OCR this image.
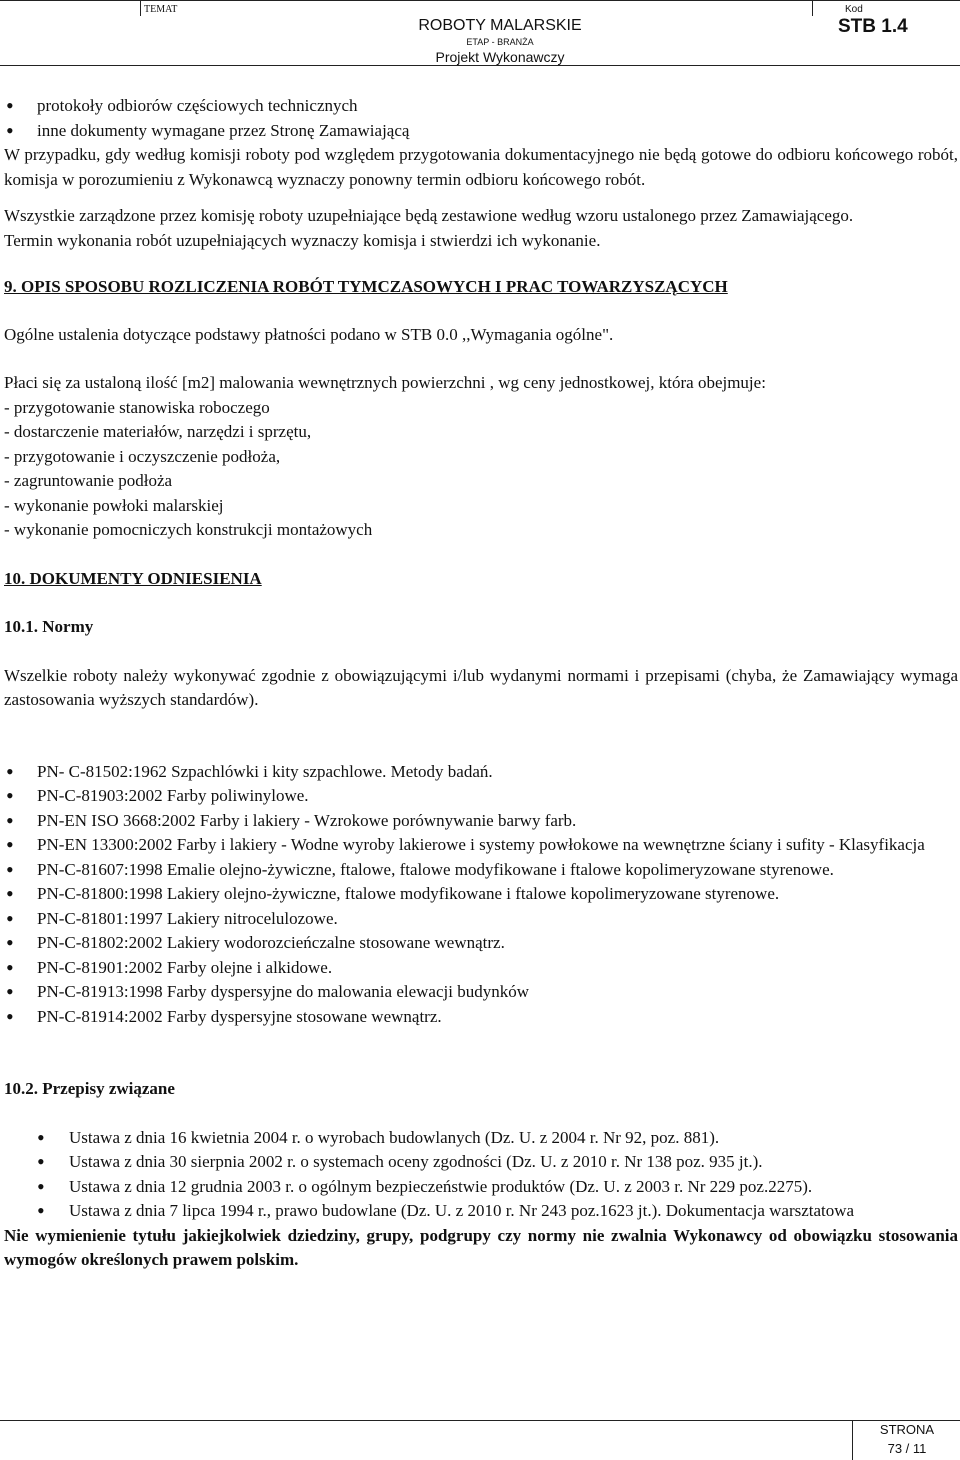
TEMAT	Kod
ROBOTY MALARSKIE
ETAP - BRANŻA
Projekt Wykonawczy
STB 1.4
• protokoły odbiorów częściowych technicznych
• inne dokumenty wymagane przez Stronę Zamawiającą

W przypadku, gdy według komisji roboty pod względem przygotowania dokumentacyjnego nie będą gotowe do odbioru końcowego robót, komisja w porozumieniu z Wykonawcą wyznaczy ponowny termin odbioru końcowego robót.

Wszystkie zarządzone przez komisję roboty uzupełniające będą zestawione według wzoru ustalonego przez Zamawiającego.

Termin wykonania robót uzupełniających wyznaczy komisja i stwierdzi ich wykonanie.

9. OPIS SPOSOBU ROZLICZENIA ROBÓT TYMCZASOWYCH I PRAC TOWARZYSZĄCYCH

Ogólne ustalenia dotyczące podstawy płatności podano w STB 0.0 ,,Wymagania ogólne".

Płaci się za ustaloną ilość [m2] malowania wewnętrznych powierzchni , wg ceny jednostkowej, która obejmuje:

- przygotowanie stanowiska roboczego

- dostarczenie materiałów, narzędzi i sprzętu,

- przygotowanie i oczyszczenie podłoża,

- zagruntowanie podłoża

- wykonanie powłoki malarskiej

- wykonanie pomocniczych konstrukcji montażowych

10. DOKUMENTY ODNIESIENIA

10.1. Normy

Wszelkie roboty należy wykonywać zgodnie z obowiązującymi i/lub wydanymi normami i przepisami (chyba, że Zamawiający wymaga zastosowania wyższych standardów).

• PN- C-81502:1962 Szpachlówki i kity szpachlowe. Metody badań.
• PN-C-81903:2002 Farby poliwinylowe.
• PN-EN ISO 3668:2002 Farby i lakiery - Wzrokowe porównywanie barwy farb.
• PN-EN 13300:2002 Farby i lakiery - Wodne wyroby lakierowe i systemy powłokowe na wewnętrzne ściany i sufity - Klasyfikacja
• PN-C-81607:1998 Emalie olejno-żywiczne, ftalowe, ftalowe modyfikowane i ftalowe kopolimeryzowane styrenowe.
• PN-C-81800:1998 Lakiery olejno-żywiczne, ftalowe modyfikowane i ftalowe kopolimeryzowane styrenowe.
• PN-C-81801:1997 Lakiery nitrocelulozowe.
• PN-C-81802:2002 Lakiery wodorozcieńczalne stosowane wewnątrz.
• PN-C-81901:2002 Farby olejne i alkidowe.
• PN-C-81913:1998 Farby dyspersyjne do malowania elewacji budynków
• PN-C-81914:2002 Farby dyspersyjne stosowane wewnątrz.

10.2. Przepisy związane

• Ustawa z dnia 16 kwietnia 2004 r. o wyrobach budowlanych (Dz. U. z 2004 r. Nr 92, poz. 881).
• Ustawa z dnia 30 sierpnia 2002 r. o systemach oceny zgodności (Dz. U. z 2010 r. Nr 138 poz. 935 jt.).
• Ustawa z dnia 12 grudnia 2003 r. o ogólnym bezpieczeństwie produktów (Dz. U. z 2003 r. Nr 229 poz.2275).
• Ustawa z dnia 7 lipca 1994 r., prawo budowlane (Dz. U. z 2010 r. Nr 243 poz.1623 jt.). Dokumentacja warsztatowa

Nie wymienienie tytułu jakiejkolwiek dziedziny, grupy, podgrupy czy normy nie zwalnia Wykonawcy od obowiązku stosowania wymogów określonych prawem polskim.

STRONA
73 / 11
